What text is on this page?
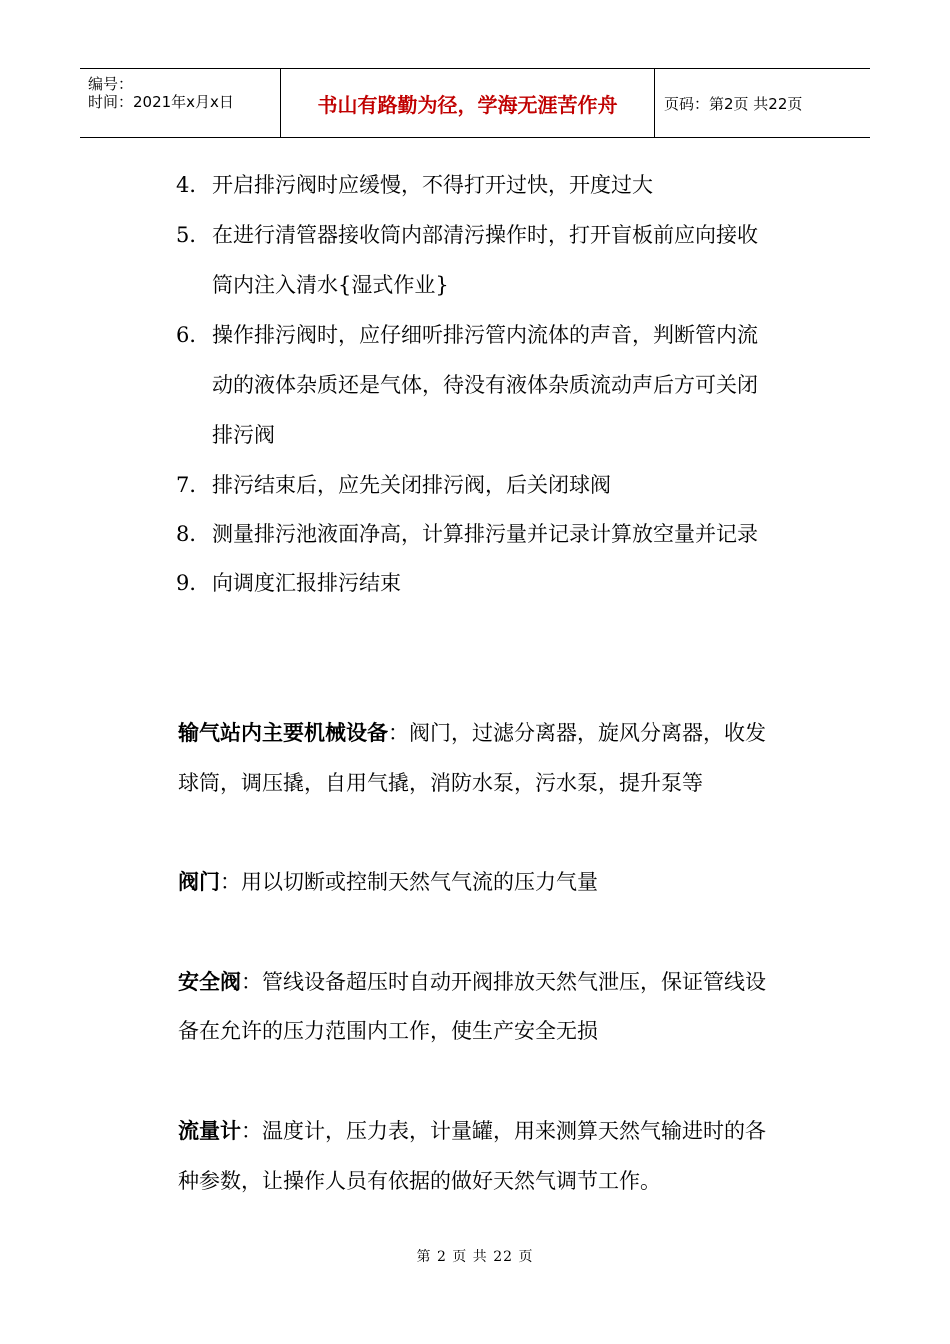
编号：
时间：2021年x月x日	书山有路勤为径，学海无涯苦作舟	页码：第2页 共22页
4．开启排污阀时应缓慢，不得打开过快，开度过大
5．在进行清管器接收筒内部清污操作时，打开盲板前应向接收
筒内注入清水{湿式作业}
6．操作排污阀时，应仔细听排污管内流体的声音，判断管内流
动的液体杂质还是气体，待没有液体杂质流动声后方可关闭
排污阀
7．排污结束后，应先关闭排污阀，后关闭球阀
8．测量排污池液面净高，计算排污量并记录计算放空量并记录
9．向调度汇报排污结束
输气站内主要机械设备：阀门，过滤分离器，旋风分离器，收发
球筒，调压撬，自用气撬，消防水泵，污水泵，提升泵等
阀门：用以切断或控制天然气气流的压力气量
安全阀：管线设备超压时自动开阀排放天然气泄压，保证管线设
备在允许的压力范围内工作，使生产安全无损
流量计：温度计，压力表，计量罐，用来测算天然气输进时的各
种参数，让操作人员有依据的做好天然气调节工作。
第 2 页 共 22 页
